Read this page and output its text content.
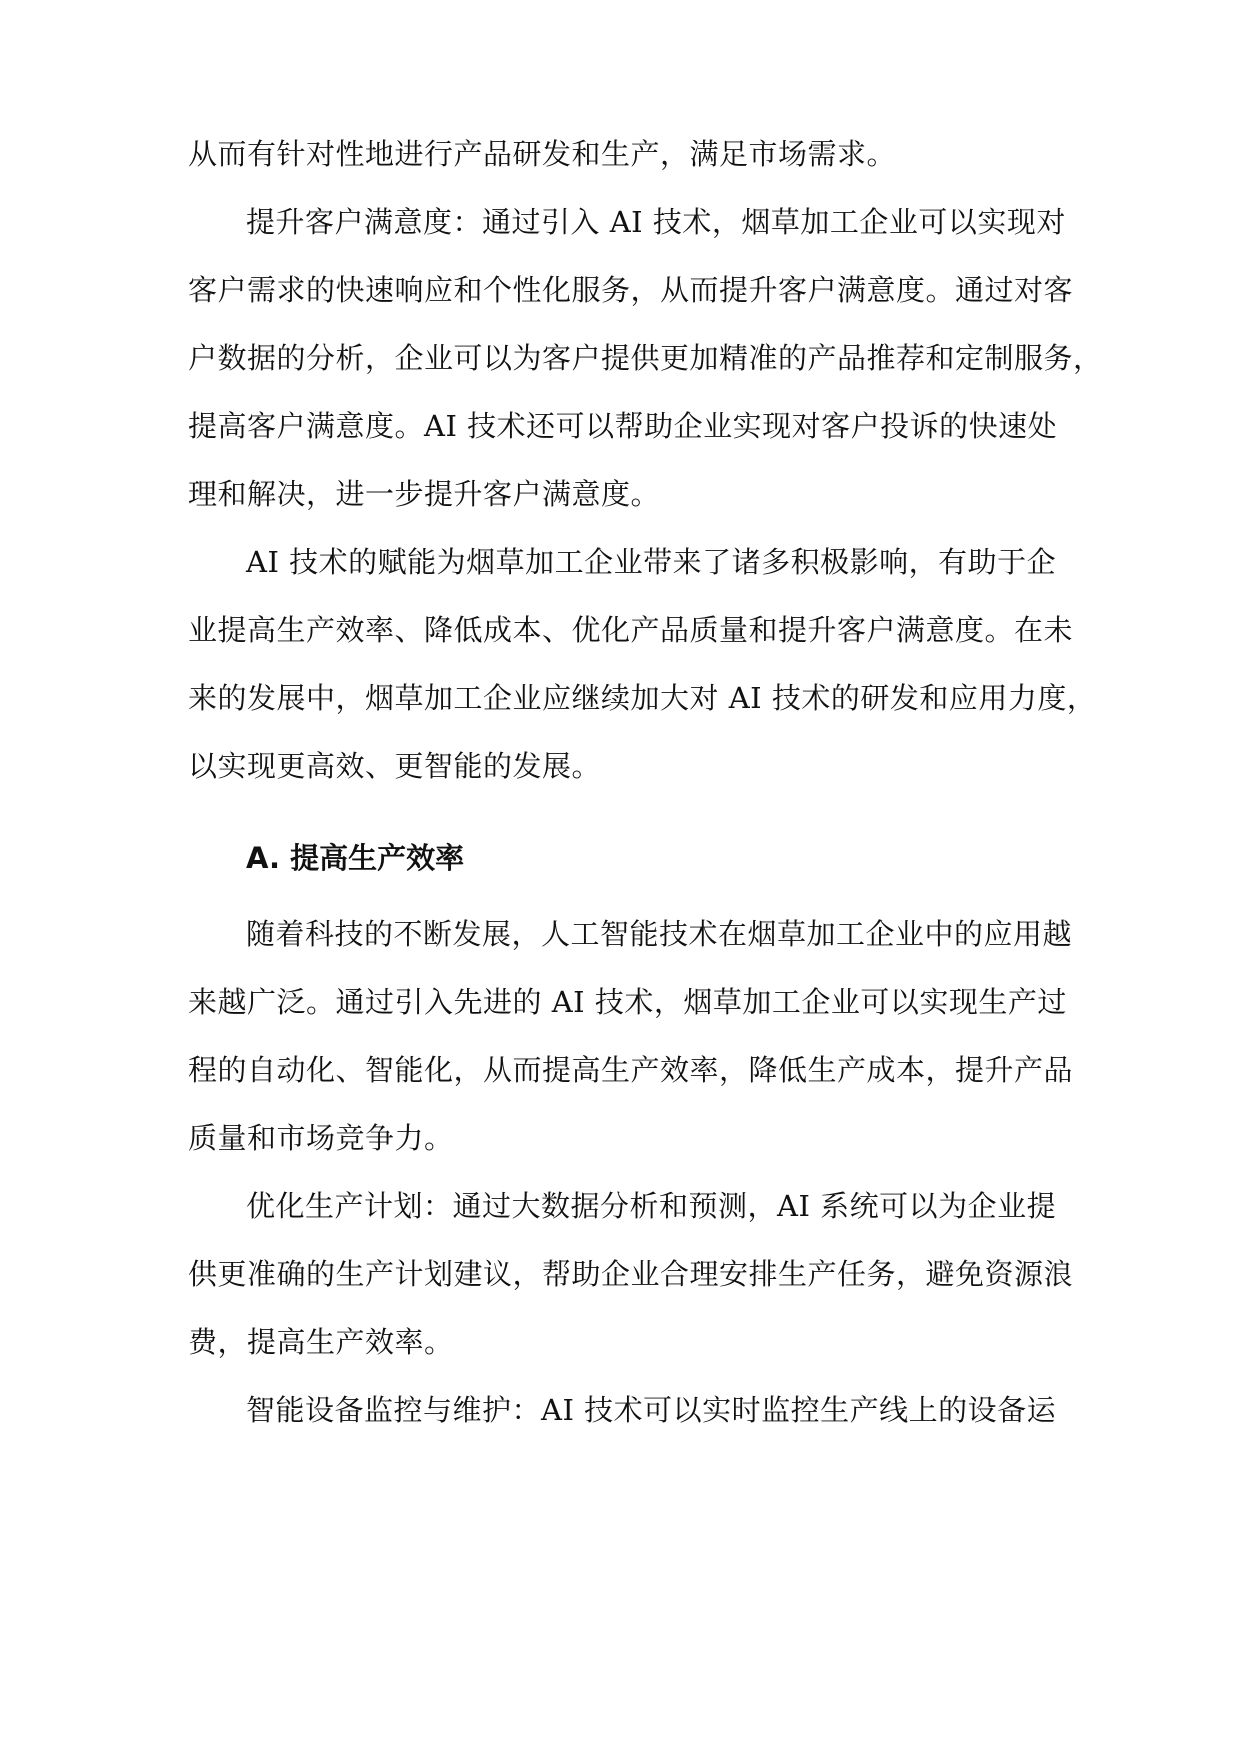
从而有针对性地进行产品研发和生产，满足市场需求。
提升客户满意度：通过引入 AI 技术，烟草加工企业可以实现对
客户需求的快速响应和个性化服务，从而提升客户满意度。通过对客
户数据的分析，企业可以为客户提供更加精准的产品推荐和定制服务，
提高客户满意度。AI 技术还可以帮助企业实现对客户投诉的快速处
理和解决，进一步提升客户满意度。
AI 技术的赋能为烟草加工企业带来了诸多积极影响，有助于企
业提高生产效率、降低成本、优化产品质量和提升客户满意度。在未
来的发展中，烟草加工企业应继续加大对 AI 技术的研发和应用力度，
以实现更高效、更智能的发展。
A. 提高生产效率
随着科技的不断发展，人工智能技术在烟草加工企业中的应用越
来越广泛。通过引入先进的 AI 技术，烟草加工企业可以实现生产过
程的自动化、智能化，从而提高生产效率，降低生产成本，提升产品
质量和市场竞争力。
优化生产计划：通过大数据分析和预测，AI 系统可以为企业提
供更准确的生产计划建议，帮助企业合理安排生产任务，避免资源浪
费，提高生产效率。
智能设备监控与维护：AI 技术可以实时监控生产线上的设备运
